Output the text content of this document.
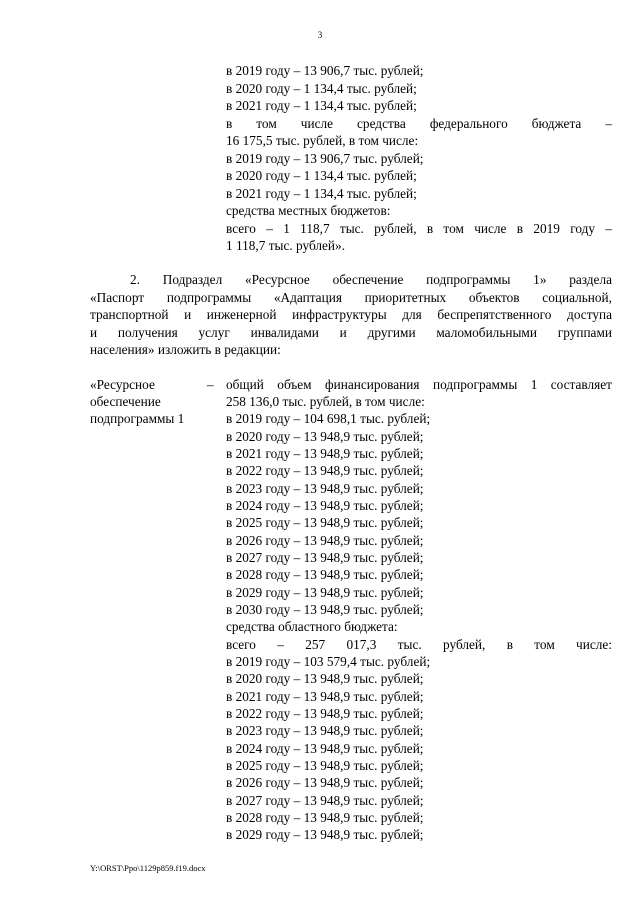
3
в 2019 году – 13 906,7 тыс. рублей;
в 2020 году – 1 134,4 тыс. рублей;
в 2021 году – 1 134,4 тыс. рублей;
в том числе средства федерального бюджета –
16 175,5 тыс. рублей, в том числе:
в 2019 году – 13 906,7 тыс. рублей;
в 2020 году – 1 134,4 тыс. рублей;
в 2021 году – 1 134,4 тыс. рублей;
средства местных бюджетов:
всего – 1 118,7 тыс. рублей, в том числе в 2019 году –
1 118,7 тыс. рублей».
2. Подраздел «Ресурсное обеспечение подпрограммы 1» раздела
«Паспорт подпрограммы «Адаптация приоритетных объектов социальной,
транспортной и инженерной инфраструктуры для беспрепятственного доступа
и получения услуг инвалидами и другими маломобильными группами
населения» изложить в редакции:
«Ресурсное
обеспечение
подпрограммы 1
– общий объем финансирования подпрограммы 1 составляет
258 136,0 тыс. рублей, в том числе:
в 2019 году – 104 698,1 тыс. рублей;
в 2020 году – 13 948,9 тыс. рублей;
в 2021 году – 13 948,9 тыс. рублей;
в 2022 году – 13 948,9 тыс. рублей;
в 2023 году – 13 948,9 тыс. рублей;
в 2024 году – 13 948,9 тыс. рублей;
в 2025 году – 13 948,9 тыс. рублей;
в 2026 году – 13 948,9 тыс. рублей;
в 2027 году – 13 948,9 тыс. рублей;
в 2028 году – 13 948,9 тыс. рублей;
в 2029 году – 13 948,9 тыс. рублей;
в 2030 году – 13 948,9 тыс. рублей;
средства областного бюджета:
всего – 257 017,3 тыс. рублей, в том числе:
в 2019 году – 103 579,4 тыс. рублей;
в 2020 году – 13 948,9 тыс. рублей;
в 2021 году – 13 948,9 тыс. рублей;
в 2022 году – 13 948,9 тыс. рублей;
в 2023 году – 13 948,9 тыс. рублей;
в 2024 году – 13 948,9 тыс. рублей;
в 2025 году – 13 948,9 тыс. рублей;
в 2026 году – 13 948,9 тыс. рублей;
в 2027 году – 13 948,9 тыс. рублей;
в 2028 году – 13 948,9 тыс. рублей;
в 2029 году – 13 948,9 тыс. рублей;
Y:\ORST\Ppo\1129p859.f19.docx
